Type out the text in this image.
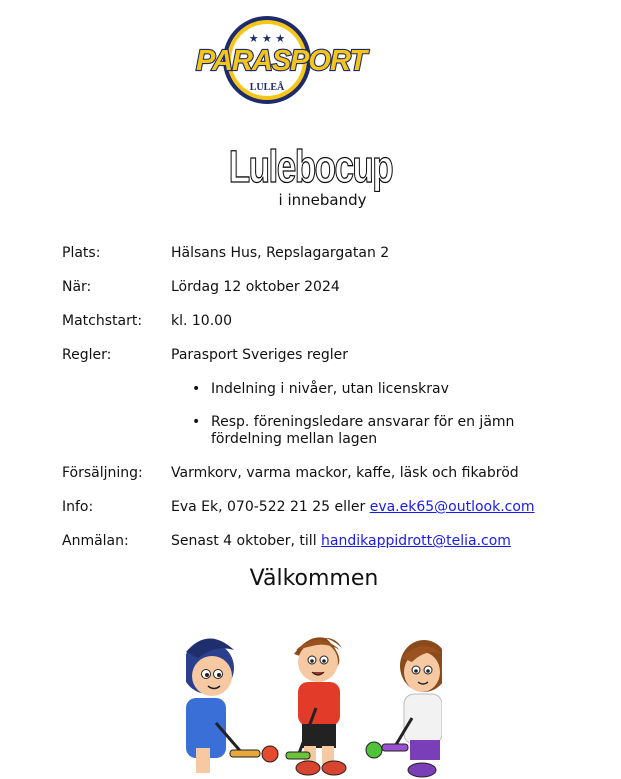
★ ★ ★
PARASPORT
LULEÅ
Lulebocup
i innebandy
Plats:	Hälsans Hus, Repslagargatan 2
När:	Lördag 12 oktober 2024
Matchstart: kl. 10.00
Regler:	Parasport Sveriges regler
• Indelning i nivåer, utan licenskrav
• Resp. föreningsledare ansvarar för en jämn fördelning mellan lagen
Försäljning: Varmkorv, varma mackor, kaffe, läsk och fikabröd
Info:	Eva Ek, 070-522 21 25 eller eva.ek65@outlook.com
Anmälan:	Senast 4 oktober, till handikappidrott@telia.com
Välkommen
